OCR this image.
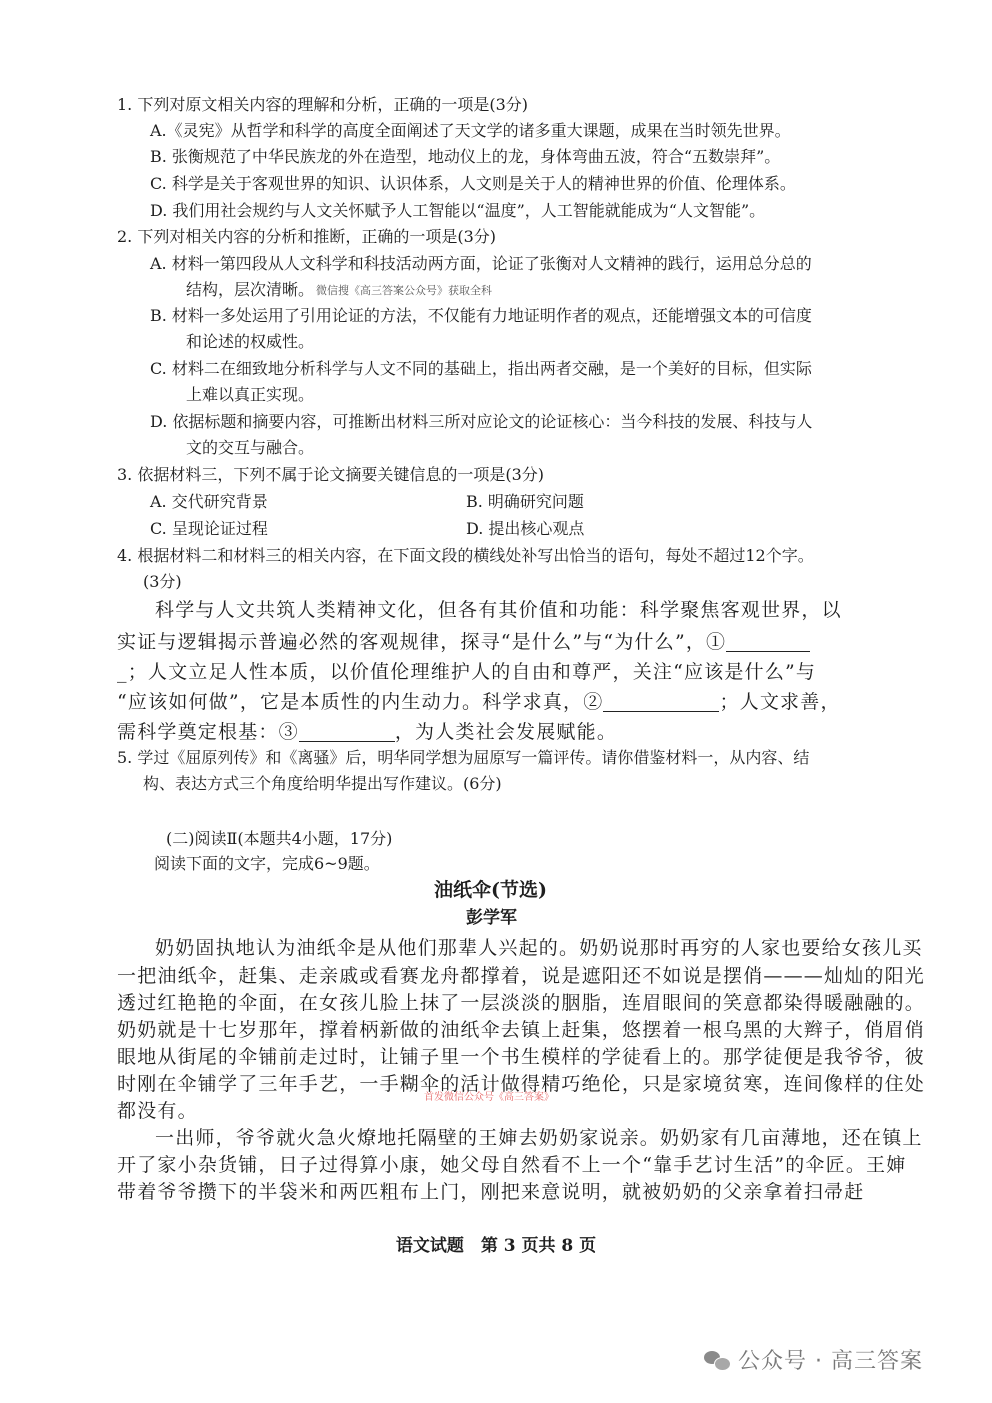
1. 下列对原文相关内容的理解和分析，正确的一项是(3分)
A.《灵宪》从哲学和科学的高度全面阐述了天文学的诸多重大课题，成果在当时领先世界。
B. 张衡规范了中华民族龙的外在造型，地动仪上的龙，身体弯曲五波，符合“五数崇拜”。
C. 科学是关于客观世界的知识、认识体系，人文则是关于人的精神世界的价值、伦理体系。
D. 我们用社会规约与人文关怀赋予人工智能以“温度”，人工智能就能成为“人文智能”。
2. 下列对相关内容的分析和推断，正确的一项是(3分)
A. 材料一第四段从人文科学和科技活动两方面，论证了张衡对人文精神的践行，运用总分总的
结构，层次清晰。 微信搜《高三答案公众号》获取全科
B. 材料一多处运用了引用论证的方法，不仅能有力地证明作者的观点，还能增强文本的可信度
和论述的权威性。
C. 材料二在细致地分析科学与人文不同的基础上，指出两者交融，是一个美好的目标，但实际
上难以真正实现。
D. 依据标题和摘要内容，可推断出材料三所对应论文的论证核心：当今科技的发展、科技与人
文的交互与融合。
3. 依据材料三，下列不属于论文摘要关键信息的一项是(3分)
A. 交代研究背景	B. 明确研究问题
C. 呈现论证过程	D. 提出核心观点
4. 根据材料二和材料三的相关内容，在下面文段的横线处补写出恰当的语句，每处不超过12个字。
(3分)
科学与人文共筑人类精神文化，但各有其价值和功能：科学聚焦客观世界，以
实证与逻辑揭示普遍必然的客观规律，探寻“是什么”与“为什么”，①
_；人文立足人性本质，以价值伦理维护人的自由和尊严，关注“应该是什么”与
“应该如何做”，它是本质性的内生动力。科学求真，②	；人文求善，
需科学奠定根基：③	，为人类社会发展赋能。
5. 学过《屈原列传》和《离骚》后，明华同学想为屈原写一篇评传。请你借鉴材料一，从内容、结
构、表达方式三个角度给明华提出写作建议。(6分)
(二)阅读Ⅱ(本题共4小题，17分)
阅读下面的文字，完成6~9题。
油纸伞(节选)
彭学军
奶奶固执地认为油纸伞是从他们那辈人兴起的。奶奶说那时再穷的人家也要给女孩儿买
一把油纸伞，赶集、走亲戚或看赛龙舟都撑着，说是遮阳还不如说是摆俏———灿灿的阳光
透过红艳艳的伞面，在女孩儿脸上抹了一层淡淡的胭脂，连眉眼间的笑意都染得暖融融的。
奶奶就是十七岁那年，撑着柄新做的油纸伞去镇上赶集，悠摆着一根乌黑的大辫子，俏眉俏
眼地从街尾的伞铺前走过时，让铺子里一个书生模样的学徒看上的。那学徒便是我爷爷，彼
时刚在伞铺学了三年手艺，一手糊伞的活计做得精巧绝伦，只是家境贫寒，连间像样的住处
都没有。
首发微信公众号《高三答案》
一出师，爷爷就火急火燎地托隔壁的王婶去奶奶家说亲。奶奶家有几亩薄地，还在镇上
开了家小杂货铺，日子过得算小康，她父母自然看不上一个“靠手艺讨生活”的伞匠。王婶
带着爷爷攒下的半袋米和两匹粗布上门，刚把来意说明，就被奶奶的父亲拿着扫帚赶
语文试题　第 3 页共 8 页
公众号 · 高三答案
